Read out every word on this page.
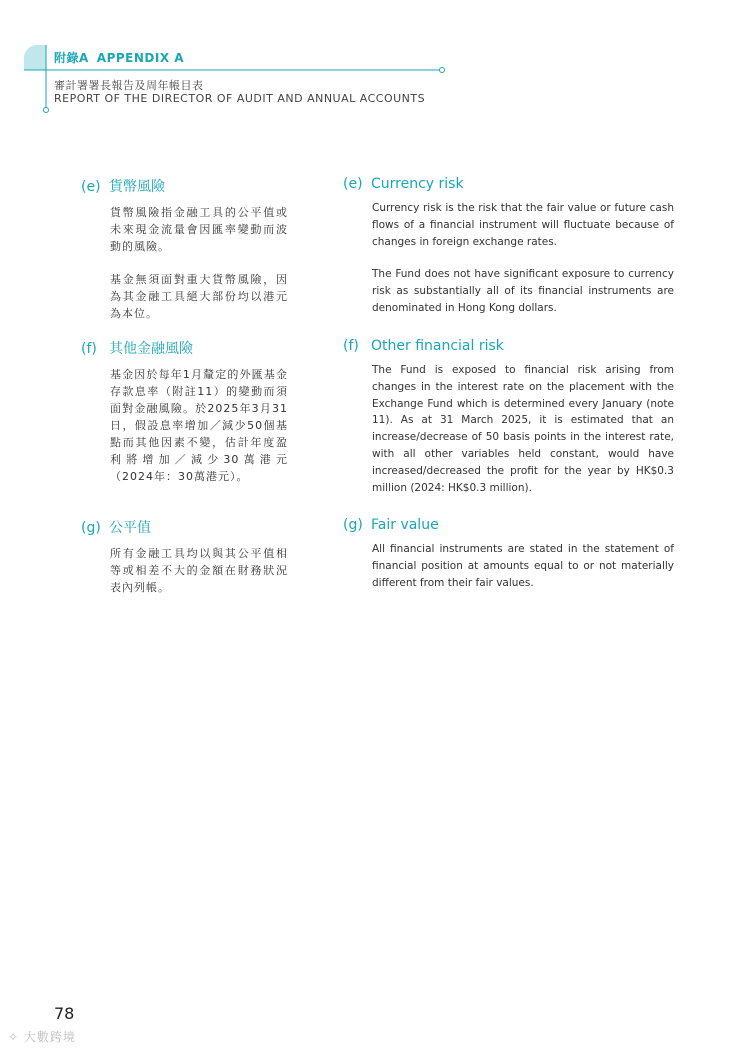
附錄A APPENDIX A
審計署署長報告及周年帳目表
REPORT OF THE DIRECTOR OF AUDIT AND ANNUAL ACCOUNTS
(e) 貨幣風險
貨幣風險指金融工具的公平值或未來現金流量會因匯率變動而波動的風險。
基金無須面對重大貨幣風險，因為其金融工具絕大部份均以港元為本位。
(e) Currency risk
Currency risk is the risk that the fair value or future cash flows of a financial instrument will fluctuate because of changes in foreign exchange rates.
The Fund does not have significant exposure to currency risk as substantially all of its financial instruments are denominated in Hong Kong dollars.
(f) 其他金融風險
基金因於每年1月釐定的外匯基金存款息率（附註11）的變動而須面對金融風險。於2025年3月31日，假設息率增加／減少50個基點而其他因素不變，估計年度盈利將增加／減少30萬港元（2024年：30萬港元）。
(f) Other financial risk
The Fund is exposed to financial risk arising from changes in the interest rate on the placement with the Exchange Fund which is determined every January (note 11). As at 31 March 2025, it is estimated that an increase/decrease of 50 basis points in the interest rate, with all other variables held constant, would have increased/decreased the profit for the year by HK$0.3 million (2024: HK$0.3 million).
(g) 公平值
所有金融工具均以與其公平值相等或相差不大的金額在財務狀況表內列帳。
(g) Fair value
All financial instruments are stated in the statement of financial position at amounts equal to or not materially different from their fair values.
78
✧ 大數跨境
